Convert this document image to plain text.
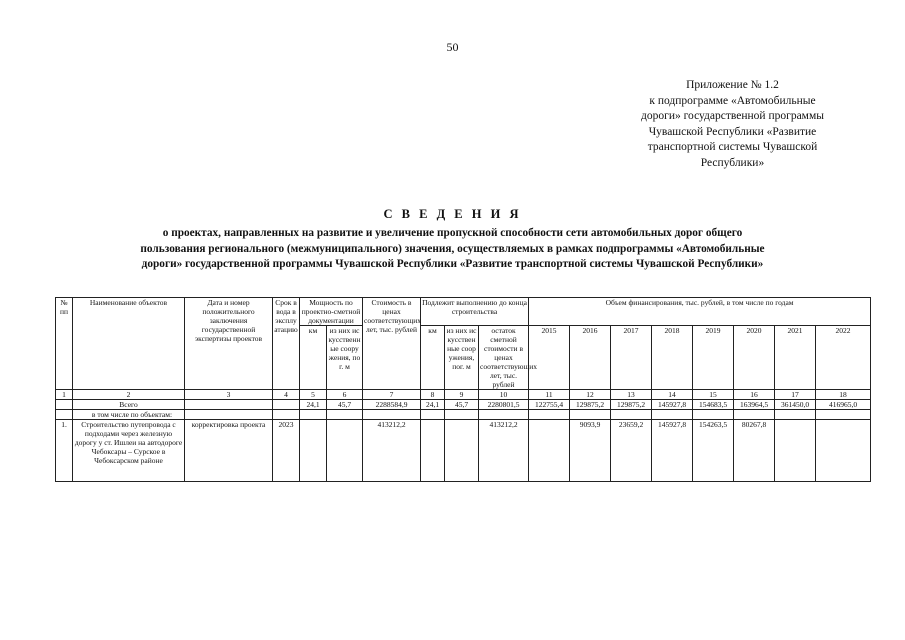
50
Приложение № 1.2
к подпрограмме «Автомобильные
дороги» государственной программы
Чувашской Республики «Развитие
транспортной системы Чувашской
Республики»
С В Е Д Е Н И Я
о проектах, направленных на развитие и увеличение пропускной способности сети автомобильных дорог общего
пользования регионального (межмуниципального) значения, осуществляемых в рамках подпрограммы «Автомобильные
дороги» государственной программы Чувашской Республики «Развитие транспортной системы Чувашской Республики»
№ пп	Наименование объектов	Дата и номер положительного заключения государственной экспертизы проектов	Срок ввода в эксплуатацию	Мощность по проектно-сметной документации		Стоимость в ценах соответствующих лет, тыс. рублей	Подлежит выполнению до конца строительства			Объем финансирования, тыс. рублей, в том числе по годам							
				км	из них искусственные сооружения, пог. м		км	из них искусственные сооружения, пог. м	остаток сметной стоимости в ценах соответствующих лет, тыс. рублей	2015	2016	2017	2018	2019	2020	2021	2022
1	2	3	4	5	6	7	8	9	10	11	12	13	14	15	16	17	18
	Всего			24,1	45,7	2288584,9	24,1	45,7	2280801,5	122755,4	129875,2	129875,2	145927,8	154683,5	163964,5	361450,0	416965,0
	в том числе по объектам:																
1.	Строительство путепровода с подходами через железную дорогу у ст. Ишлеи на автодороге Чебоксары – Сурское в Чебоксарском районе	корректировка проекта	2023			413212,2			413212,2		9093,9	23659,2	145927,8	154263,5	80267,8		
